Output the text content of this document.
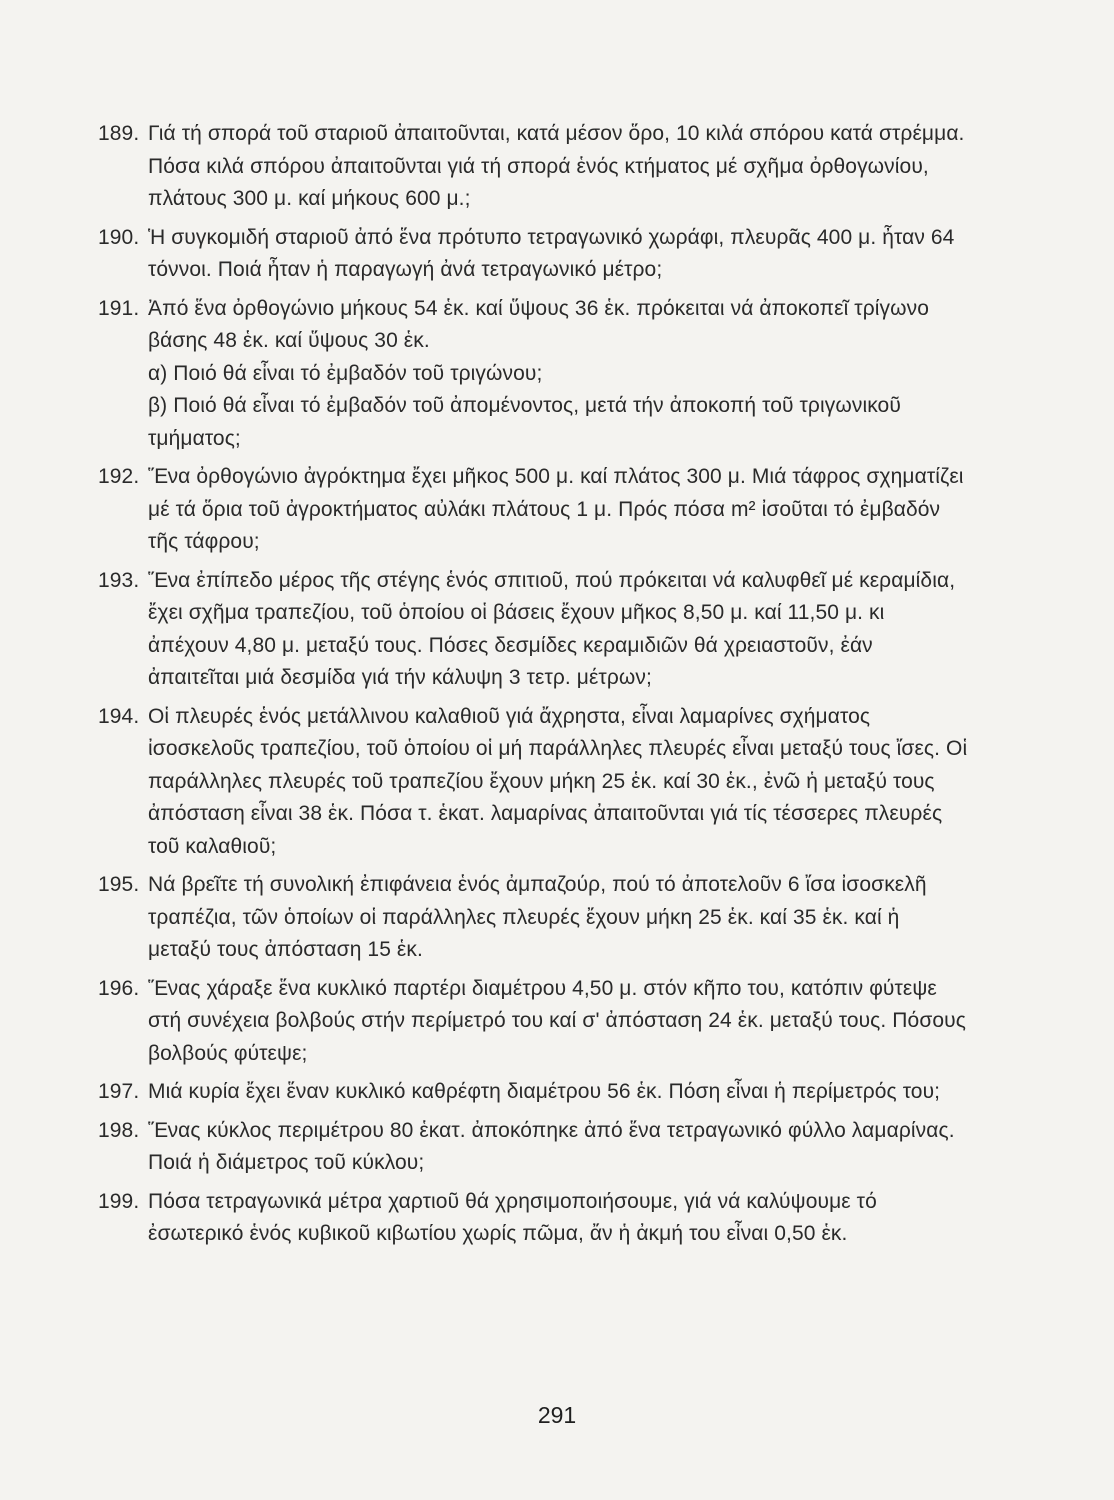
189. Γιά τή σπορά τοῦ σταριοῦ ἀπαιτοῦνται, κατά μέσον ὅρο, 10 κιλά σπόρου κατά στρέμμα. Πόσα κιλά σπόρου ἀπαιτοῦνται γιά τή σπορά ἑνός κτήματος μέ σχῆμα ὀρθογωνίου, πλάτους 300 μ. καί μήκους 600 μ.;
190. Ἡ συγκομιδή σταριοῦ ἀπό ἕνα πρότυπο τετραγωνικό χωράφι, πλευρᾶς 400 μ. ἦταν 64 τόννοι. Ποιά ἦταν ἡ παραγωγή ἀνά τετραγωνικό μέτρο;
191. Ἀπό ἕνα ὀρθογώνιο μήκους 54 ἑκ. καί ὕψους 36 ἑκ. πρόκειται νά ἀποκοπεῖ τρίγωνο βάσης 48 ἑκ. καί ὕψους 30 ἑκ.
α) Ποιό θά εἶναι τό ἐμβαδόν τοῦ τριγώνου;
β) Ποιό θά εἶναι τό ἐμβαδόν τοῦ ἀπομένοντος, μετά τήν ἀποκοπή τοῦ τριγωνικοῦ τμήματος;
192. Ἕνα ὀρθογώνιο ἀγρόκτημα ἔχει μῆκος 500 μ. καί πλάτος 300 μ. Μιά τάφρος σχηματίζει μέ τά ὅρια τοῦ ἀγροκτήματος αὐλάκι πλάτους 1 μ. Πρός πόσα m² ἰσοῦται τό ἐμβαδόν τῆς τάφρου;
193. Ἕνα ἐπίπεδο μέρος τῆς στέγης ἑνός σπιτιοῦ, πού πρόκειται νά καλυφθεῖ μέ κεραμίδια, ἔχει σχῆμα τραπεζίου, τοῦ ὁποίου οἱ βάσεις ἔχουν μῆκος 8,50 μ. καί 11,50 μ. κι ἀπέχουν 4,80 μ. μεταξύ τους. Πόσες δεσμίδες κεραμιδιῶν θά χρειαστοῦν, ἐάν ἀπαιτεῖται μιά δεσμίδα γιά τήν κάλυψη 3 τετρ. μέτρων;
194. Οἱ πλευρές ἑνός μετάλλινου καλαθιοῦ γιά ἄχρηστα, εἶναι λαμαρίνες σχήματος ἰσοσκελοῦς τραπεζίου, τοῦ ὁποίου οἱ μή παράλληλες πλευρές εἶναι μεταξύ τους ἴσες. Οἱ παράλληλες πλευρές τοῦ τραπεζίου ἔχουν μήκη 25 ἑκ. καί 30 ἑκ., ἐνῶ ἡ μεταξύ τους ἀπόσταση εἶναι 38 ἑκ. Πόσα τ. ἑκατ. λαμαρίνας ἀπαιτοῦνται γιά τίς τέσσερες πλευρές τοῦ καλαθιοῦ;
195. Νά βρεῖτε τή συνολική ἐπιφάνεια ἑνός ἀμπαζούρ, πού τό ἀποτελοῦν 6 ἴσα ἰσοσκελῆ τραπέζια, τῶν ὁποίων οἱ παράλληλες πλευρές ἔχουν μήκη 25 ἑκ. καί 35 ἑκ. καί ἡ μεταξύ τους ἀπόσταση 15 ἑκ.
196. Ἕνας χάραξε ἕνα κυκλικό παρτέρι διαμέτρου 4,50 μ. στόν κῆπο του, κατόπιν φύτεψε στή συνέχεια βολβούς στήν περίμετρό του καί σ' ἀπόσταση 24 ἑκ. μεταξύ τους. Πόσους βολβούς φύτεψε;
197. Μιά κυρία ἔχει ἕναν κυκλικό καθρέφτη διαμέτρου 56 ἑκ. Πόση εἶναι ἡ περίμετρός του;
198. Ἕνας κύκλος περιμέτρου 80 ἑκατ. ἀποκόπηκε ἀπό ἕνα τετραγωνικό φύλλο λαμαρίνας. Ποιά ἡ διάμετρος τοῦ κύκλου;
199. Πόσα τετραγωνικά μέτρα χαρτιοῦ θά χρησιμοποιήσουμε, γιά νά καλύψουμε τό ἐσωτερικό ἑνός κυβικοῦ κιβωτίου χωρίς πῶμα, ἄν ἡ ἀκμή του εἶναι 0,50 ἑκ.
291
